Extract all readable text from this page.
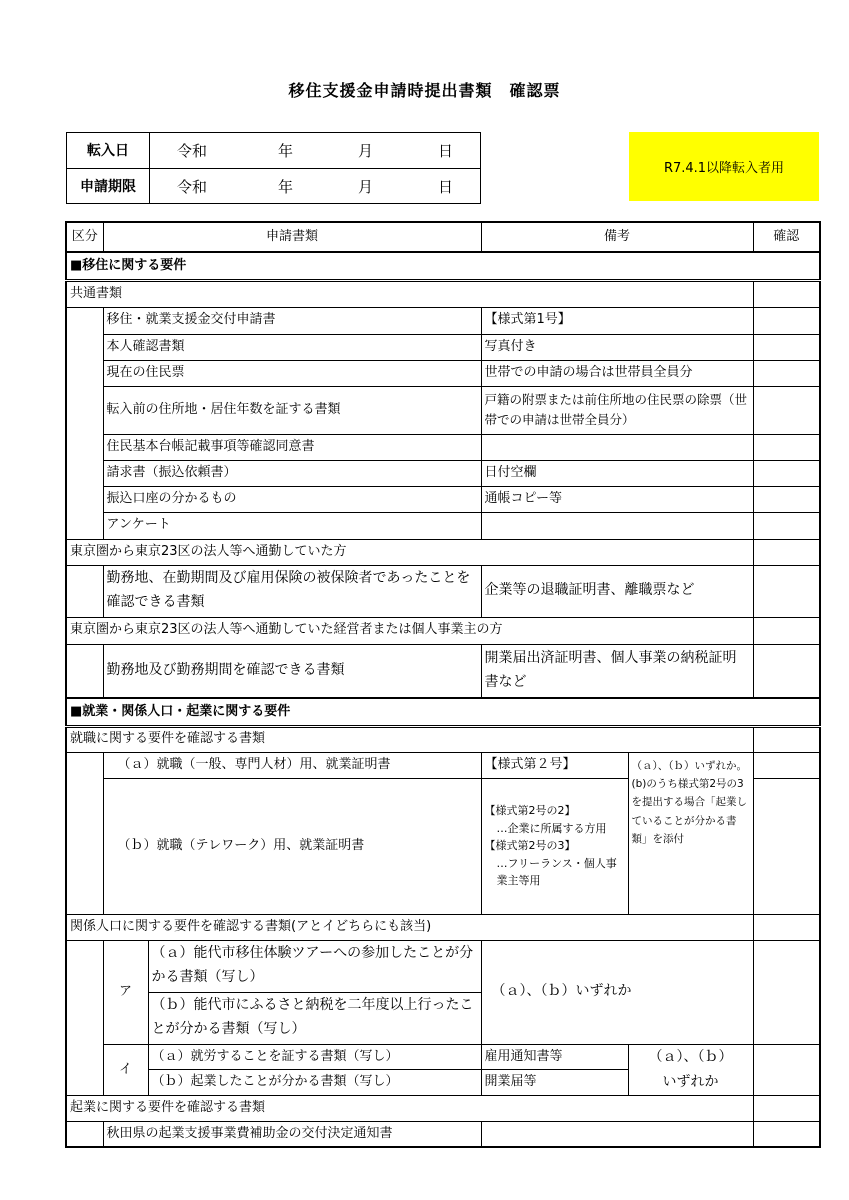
移住支援金申請時提出書類　確認票
転入日	令和 年 月 日

申請期限	令和 年 月 日
R7.4.1以降転入者用
区分	申請書類		備考		確認
■移住に関する要件					
共通書類					
	移住・就業支援金交付申請書		【様式第1号】		
	本人確認書類		写真付き		
	現在の住民票		世帯での申請の場合は世帯員全員分		
	転入前の住所地・居住年数を証する書類		戸籍の附票または前住所地の住民票の除票（世帯での申請は世帯全員分）		
	住民基本台帳記載事項等確認同意書				
	請求書（振込依頼書）		日付空欄		
	振込口座の分かるもの		通帳コピー等		
	アンケート				
東京圏から東京23区の法人等へ通勤していた方					
	勤務地、在勤期間及び雇用保険の被保険者であったことを確認できる書類		企業等の退職証明書、離職票など		
東京圏から東京23区の法人等へ通勤していた経営者または個人事業主の方					
	勤務地及び勤務期間を確認できる書類		開業届出済証明書、個人事業の納税証明書など		
■就業・関係人口・起業に関する要件					
就職に関する要件を確認する書類					
	（ａ）就職（一般、専門人材）用、就業証明書		【様式第２号】	（ａ）、（ｂ）いずれか。(b)のうち様式第2号の3を提出する場合「起業していることが分かる書類」を添付	
	（ｂ）就職（テレワーク）用、就業証明書		【様式第2号の2】
…企業に所属する方用
【様式第2号の3】
…フリーランス・個人事業主等用		

関係人口に関する要件を確認する書類(アとイどちらにも該当)					
	ア	（ａ）能代市移住体験ツアーへの参加したことが分かる書類（写し）	（ａ）、（ｂ）いずれか		
		（ｂ）能代市にふるさと納税を二年度以上行ったことが分かる書類（写し）			
	イ	（ａ）就労することを証する書類（写し）	雇用通知書等	（ａ）、（ｂ）いずれか	
		（ｂ）起業したことが分かる書類（写し）	開業届等		
起業に関する要件を確認する書類					
	秋田県の起業支援事業費補助金の交付決定通知書				
